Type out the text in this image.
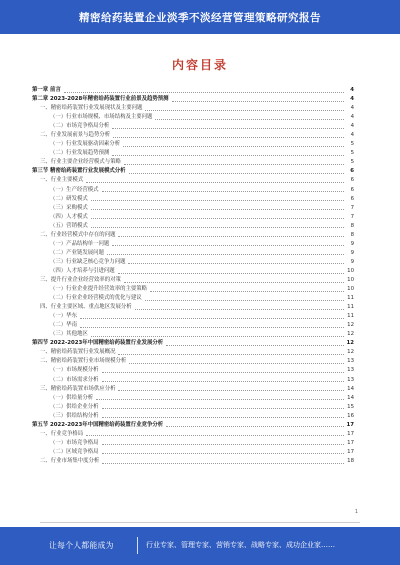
精密给药装置企业淡季不淡经营管理策略研究报告
内容目录
第一章 前言	4
第二章 2023-2028年精密给药装置行业前景及趋势预测	4
一、精密给药装置行业发展现状及主要问题	4
（一）行业市场规模、市场结构及主要问题	4
（二）市场竞争格局分析	4
二、行业发展前景与趋势分析	4
（一）行业发展驱动因素分析	5
（二）行业发展趋势预测	5
三、行业主要企业经营模式与策略	5
第三节 精密给药装置行业发展模式分析	6
一、行业主要模式	6
（一）生产经营模式	6
（二）研发模式	6
（三）采购模式	7
（四）人才模式	7
（五）营销模式	8
二、行业经营模式中存在的问题	8
（一）产品结构单一问题	9
（二）产业链发展问题	9
（三）行业缺乏核心竞争力问题	9
（四）人才培养与引进问题	10
三、提升行业企业经营效率的对策	10
（一）行业企业提升经营效率的主要策略	10
（二）行业企业经营模式的优化与建议	11
四、行业主要区域、重点地区发展分析	11
（一）华东	11
（二）华南	12
（三）其他地区	12
第四节 2022-2023年中国精密给药装置行业发展分析	12
一、精密给药装置行业发展概况	12
二、精密给药装置行业市场规模分析	13
（一）市场规模分析	13
（二）市场需求分析	13
三、精密给药装置市场供应分析	14
（一）供给量分析	14
（二）供给企业分析	15
（三）供给结构分析	16
第五节 2022-2023年中国精密给药装置行业竞争分析	17
一、行业竞争格局	17
（一）市场竞争格局	17
（二）区域竞争格局	17
二、行业市场集中度分析	18
1
让每个人都能成为	行业专家、管理专家、营销专家、战略专家、成功企业家……
